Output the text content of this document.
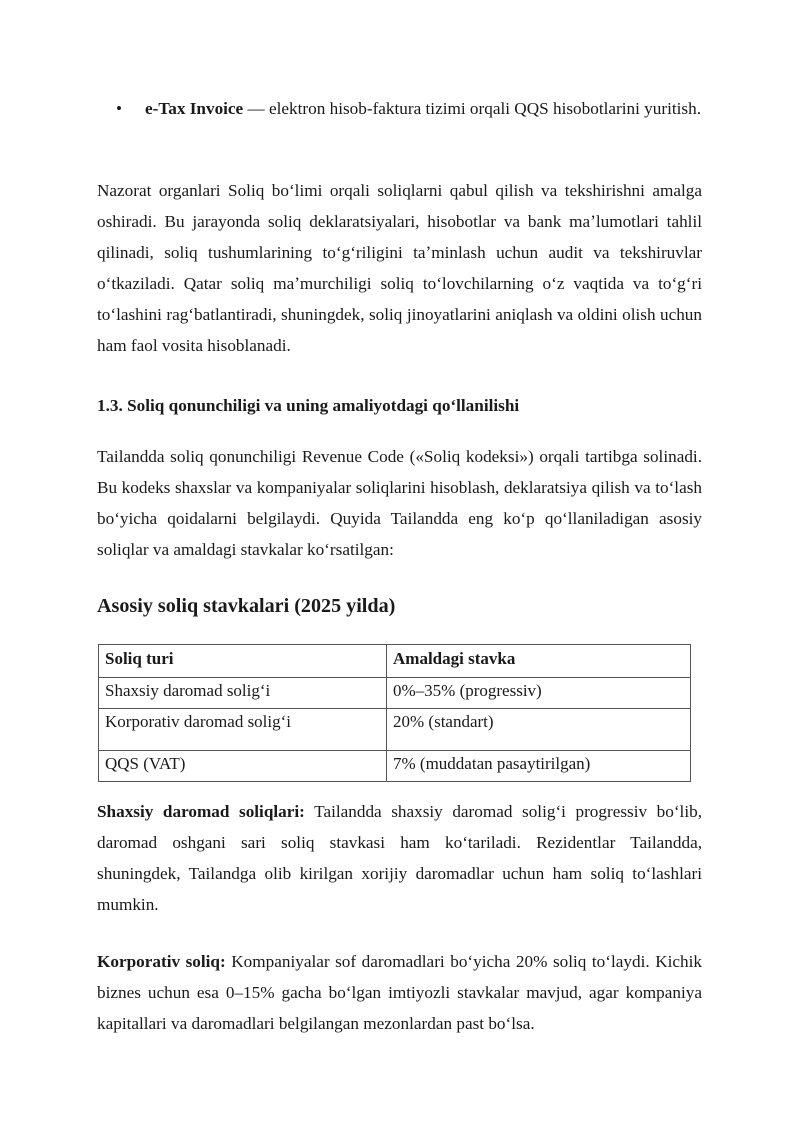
• e-Tax Invoice — elektron hisob-faktura tizimi orqali QQS hisobotlarini yuritish.

Nazorat organlari Soliq boʻlimi orqali soliqlarni qabul qilish va tekshirishni amalga oshiradi. Bu jarayonda soliq deklaratsiyalari, hisobotlar va bank maʼlumotlari tahlil qilinadi, soliq tushumlarining toʻgʻriligini taʼminlash uchun audit va tekshiruvlar oʻtkaziladi. Qatar soliq maʼmurchiligi soliq toʻlovchilarning oʻz vaqtida va toʻgʻri toʻlashini ragʻbatlantiradi, shuningdek, soliq jinoyatlarini aniqlash va oldini olish uchun ham faol vosita hisoblanadi.

1.3. Soliq qonunchiligi va uning amaliyotdagi qoʻllanilishi

Tailandda soliq qonunchiligi Revenue Code («Soliq kodeksi») orqali tartibga solinadi. Bu kodeks shaxslar va kompaniyalar soliqlarini hisoblash, deklaratsiya qilish va toʻlash boʻyicha qoidalarni belgilaydi. Quyida Tailandda eng koʻp qoʻllaniladigan asosiy soliqlar va amaldagi stavkalar koʻrsatilgan:

Asosiy soliq stavkalari (2025 yilda)
Soliq turi	Amaldagi stavka
Shaxsiy daromad soligʻi	0%–35% (progressiv)
Korporativ daromad soligʻi	20% (standart)
QQS (VAT)	7% (muddatan pasaytirilgan)

Shaxsiy daromad soliqlari: Tailandda shaxsiy daromad soligʻi progressiv boʻlib, daromad oshgani sari soliq stavkasi ham koʻtariladi. Rezidentlar Tailandda, shuningdek, Tailandga olib kirilgan xorijiy daromadlar uchun ham soliq toʻlashlari mumkin.

Korporativ soliq: Kompaniyalar sof daromadlari boʻyicha 20% soliq toʻlaydi. Kichik biznes uchun esa 0–15% gacha boʻlgan imtiyozli stavkalar mavjud, agar kompaniya kapitallari va daromadlari belgilangan mezonlardan past boʻlsa.
